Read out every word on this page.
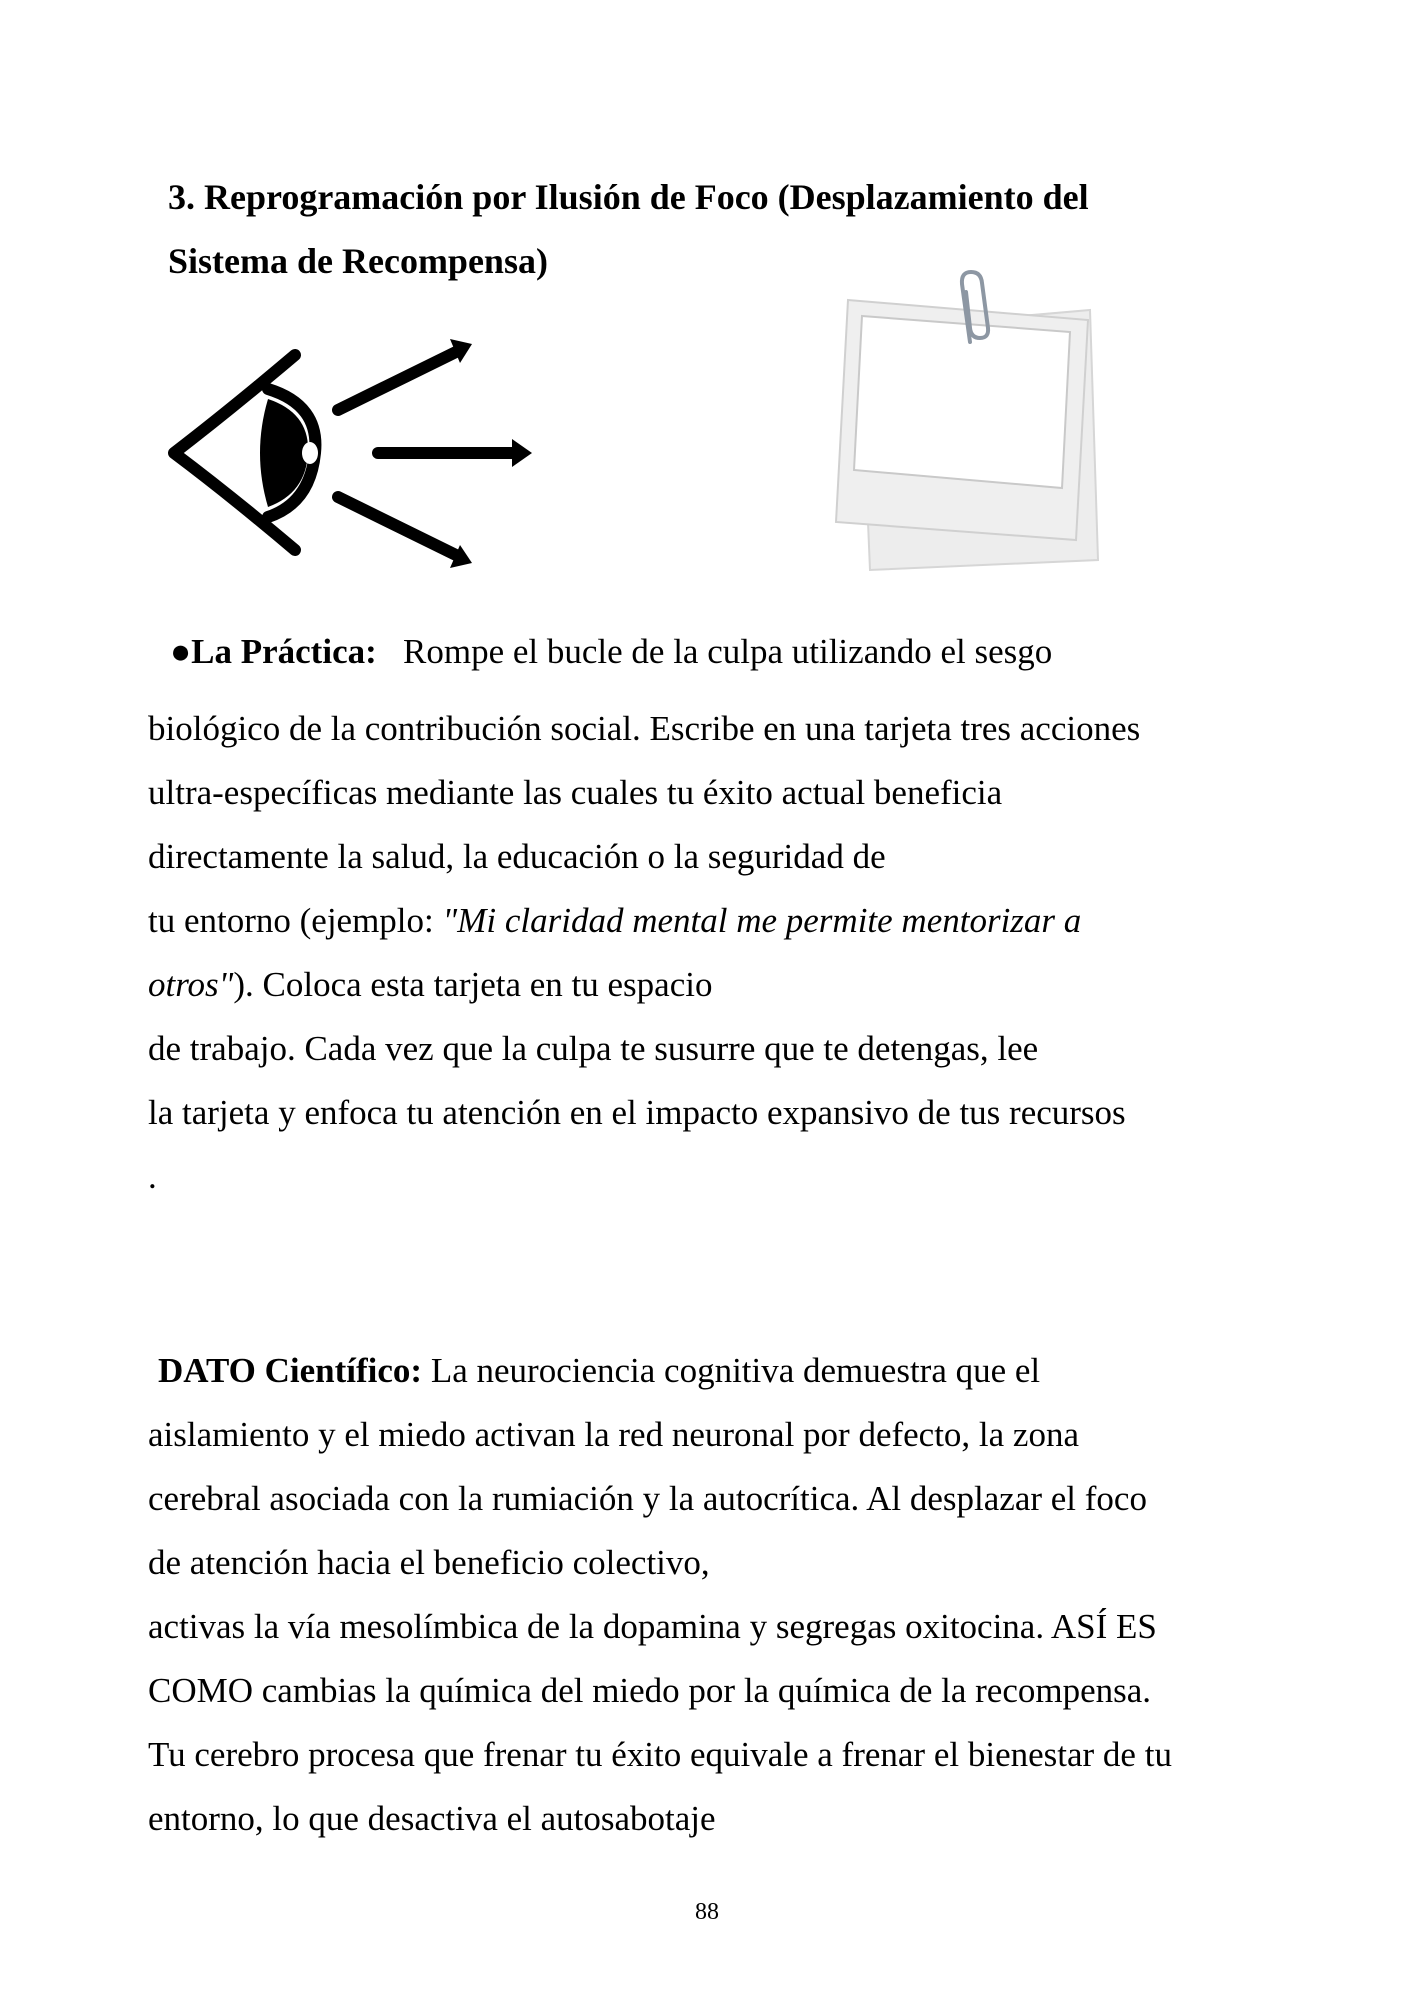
3. Reprogramación por Ilusión de Foco (Desplazamiento del
Sistema de Recompensa)
●La Práctica: Rompe el bucle de la culpa utilizando el sesgo
biológico de la contribución social. Escribe en una tarjeta tres acciones
ultra-específicas mediante las cuales tu éxito actual beneficia
directamente la salud, la educación o la seguridad de
tu entorno (ejemplo: "Mi claridad mental me permite mentorizar a
otros"). Coloca esta tarjeta en tu espacio
de trabajo. Cada vez que la culpa te susurre que te detengas, lee
la tarjeta y enfoca tu atención en el impacto expansivo de tus recursos
.
DATO Científico: La neurociencia cognitiva demuestra que el
aislamiento y el miedo activan la red neuronal por defecto, la zona
cerebral asociada con la rumiación y la autocrítica. Al desplazar el foco
de atención hacia el beneficio colectivo,
activas la vía mesolímbica de la dopamina y segregas oxitocina. ASÍ ES
COMO cambias la química del miedo por la química de la recompensa.
Tu cerebro procesa que frenar tu éxito equivale a frenar el bienestar de tu
entorno, lo que desactiva el autosabotaje
88
